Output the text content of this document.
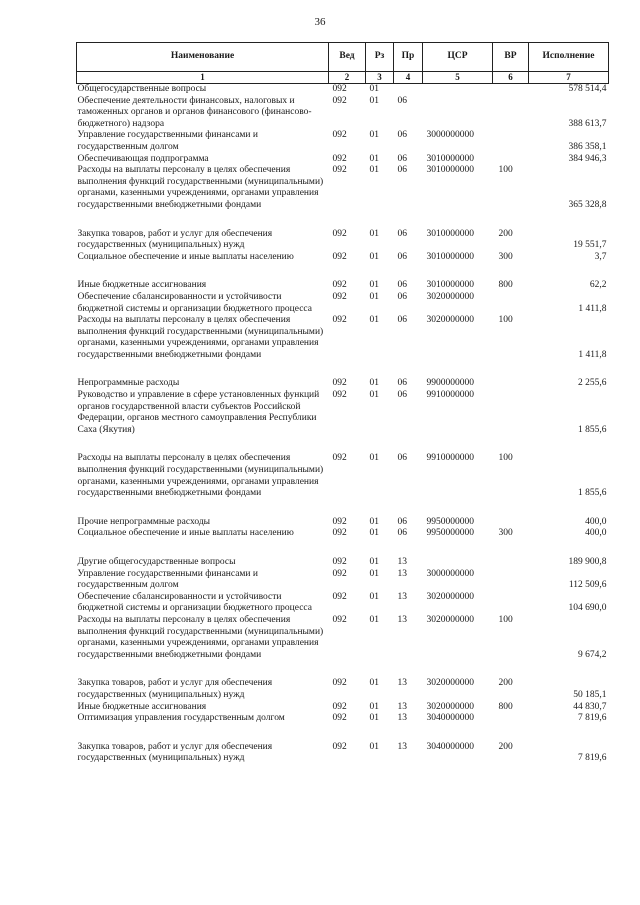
36
Наименование	Вед	Рз	Пр	ЦСР	ВР	Исполнение
1	2	3	4	5	6	7
Общегосударственные вопросы	092	01				578 514,4
Обеспечение деятельности финансовых, налоговых и таможенных органов и органов финансового (финансово-бюджетного) надзора	092	01	06			388 613,7
Управление государственными финансами и государственным долгом	092	01	06	3000000000		386 358,1
Обеспечивающая подпрограмма	092	01	06	3010000000		384 946,3
Расходы на выплаты персоналу в целях обеспечения выполнения функций государственными (муниципальными) органами, казенными учреждениями, органами управления государственными внебюджетными фондами	092	01	06	3010000000	100	365 328,8

Закупка товаров, работ и услуг для обеспечения государственных (муниципальных) нужд	092	01	06	3010000000	200	19 551,7
Социальное обеспечение и иные выплаты населению	092	01	06	3010000000	300	3,7

Иные бюджетные ассигнования	092	01	06	3010000000	800	62,2
Обеспечение сбалансированности и устойчивости бюджетной системы и организации бюджетного процесса	092	01	06	3020000000		1 411,8
Расходы на выплаты персоналу в целях обеспечения выполнения функций государственными (муниципальными) органами, казенными учреждениями, органами управления государственными внебюджетными фондами	092	01	06	3020000000	100	1 411,8

Непрограммные расходы	092	01	06	9900000000		2 255,6
Руководство и управление в сфере установленных функций органов государственной власти субъектов Российской Федерации, органов местного самоуправления Республики Саха (Якутия)	092	01	06	9910000000		1 855,6

Расходы на выплаты персоналу в целях обеспечения выполнения функций государственными (муниципальными) органами, казенными учреждениями, органами управления государственными внебюджетными фондами	092	01	06	9910000000	100	1 855,6

Прочие непрограммные расходы	092	01	06	9950000000		400,0
Социальное обеспечение и иные выплаты населению	092	01	06	9950000000	300	400,0

Другие общегосударственные вопросы	092	01	13			189 900,8
Управление государственными финансами и государственным долгом	092	01	13	3000000000		112 509,6
Обеспечение сбалансированности и устойчивости бюджетной системы и организации бюджетного процесса	092	01	13	3020000000		104 690,0
Расходы на выплаты персоналу в целях обеспечения выполнения функций государственными (муниципальными) органами, казенными учреждениями, органами управления государственными внебюджетными фондами	092	01	13	3020000000	100	9 674,2

Закупка товаров, работ и услуг для обеспечения государственных (муниципальных) нужд	092	01	13	3020000000	200	50 185,1
Иные бюджетные ассигнования	092	01	13	3020000000	800	44 830,7
Оптимизация управления государственным долгом	092	01	13	3040000000		7 819,6

Закупка товаров, работ и услуг для обеспечения государственных (муниципальных) нужд	092	01	13	3040000000	200	7 819,6
